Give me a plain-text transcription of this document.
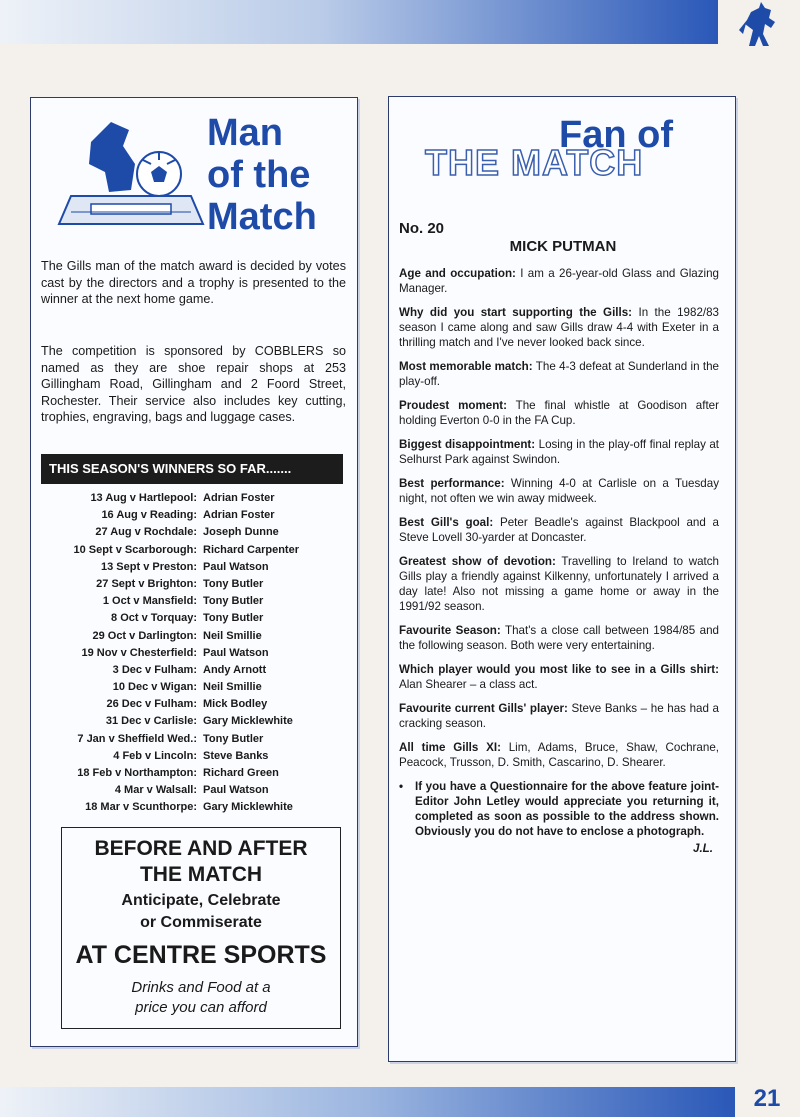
Man
of the
Match

The Gills man of the match award is decided by votes cast by the directors and a trophy is presented to the winner at the next home game.

The competition is sponsored by COBBLERS so named as they are shoe repair shops at 253 Gillingham Road, Gillingham and 2 Foord Street, Rochester. Their service also includes key cutting, trophies, engraving, bags and luggage cases.

THIS SEASON'S WINNERS SO FAR.......
13 Aug v Hartlepool: Adrian Foster
16 Aug v Reading: Adrian Foster
27 Aug v Rochdale: Joseph Dunne
10 Sept v Scarborough: Richard Carpenter
13 Sept v Preston: Paul Watson
27 Sept v Brighton: Tony Butler
1 Oct v Mansfield: Tony Butler
8 Oct v Torquay: Tony Butler
29 Oct v Darlington: Neil Smillie
19 Nov v Chesterfield: Paul Watson
3 Dec v Fulham: Andy Arnott
10 Dec v Wigan: Neil Smillie
26 Dec v Fulham: Mick Bodley
31 Dec v Carlisle: Gary Micklewhite
7 Jan v Sheffield Wed.: Tony Butler
4 Feb v Lincoln: Steve Banks
18 Feb v Northampton: Richard Green
4 Mar v Walsall: Paul Watson
18 Mar v Scunthorpe: Gary Micklewhite
BEFORE AND AFTER
THE MATCH
Anticipate, Celebrate
or Commiserate
AT CENTRE SPORTS
Drinks and Food at a
price you can afford
Fan of
THE MATCH
No. 20
MICK PUTMAN
Age and occupation: I am a 26-year-old Glass and Glazing Manager.
Why did you start supporting the Gills: In the 1982/83 season I came along and saw Gills draw 4-4 with Exeter in a thrilling match and I've never looked back since.
Most memorable match: The 4-3 defeat at Sunderland in the play-off.
Proudest moment: The final whistle at Goodison after holding Everton 0-0 in the FA Cup.
Biggest disappointment: Losing in the play-off final replay at Selhurst Park against Swindon.
Best performance: Winning 4-0 at Carlisle on a Tuesday night, not often we win away midweek.
Best Gill's goal: Peter Beadle's against Blackpool and a Steve Lovell 30-yarder at Doncaster.
Greatest show of devotion: Travelling to Ireland to watch Gills play a friendly against Kilkenny, unfortunately I arrived a day late! Also not missing a game home or away in the 1991/92 season.
Favourite Season: That's a close call between 1984/85 and the following season. Both were very entertaining.
Which player would you most like to see in a Gills shirt: Alan Shearer – a class act.
Favourite current Gills' player: Steve Banks – he has had a cracking season.
All time Gills XI: Lim, Adams, Bruce, Shaw, Cochrane, Peacock, Trusson, D. Smith, Cascarino, D. Shearer.
•	If you have a Questionnaire for the above feature joint-Editor John Letley would appreciate you returning it, completed as soon as possible to the address shown. Obviously you do not have to enclose a photograph.
J.L.
21
